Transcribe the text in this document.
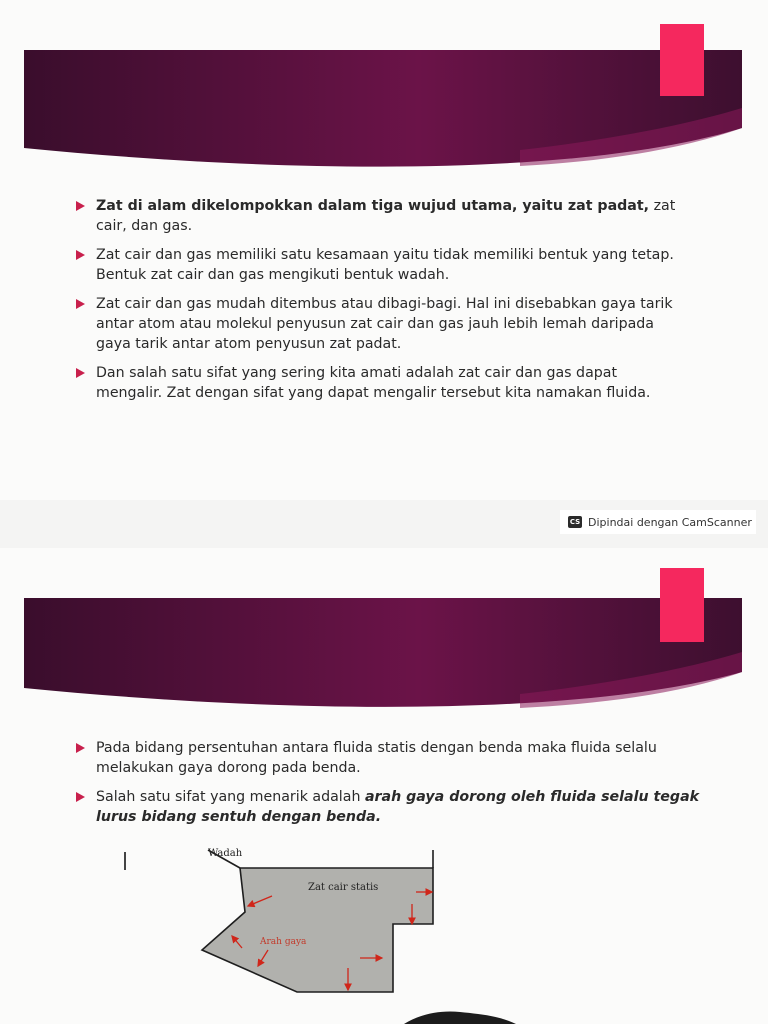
Zat di alam dikelompokkan dalam tiga wujud utama, yaitu zat padat, zat cair, dan gas.
Zat cair dan gas memiliki satu kesamaan yaitu tidak memiliki bentuk yang tetap. Bentuk zat cair dan gas mengikuti bentuk wadah.
Zat cair dan gas mudah ditembus atau dibagi-bagi. Hal ini disebabkan gaya tarik antar atom atau molekul penyusun zat cair dan gas jauh lebih lemah daripada gaya tarik antar atom penyusun zat padat.
Dan salah satu sifat yang sering kita amati adalah zat cair dan gas dapat mengalir. Zat dengan sifat yang dapat mengalir tersebut kita namakan fluida.
CS Dipindai dengan CamScanner
Pada bidang persentuhan antara fluida statis dengan benda maka fluida selalu melakukan gaya dorong pada benda.
Salah satu sifat yang menarik adalah arah gaya dorong oleh fluida selalu tegak lurus bidang sentuh dengan benda.
Wadah
Zat cair statis
Arah gaya
